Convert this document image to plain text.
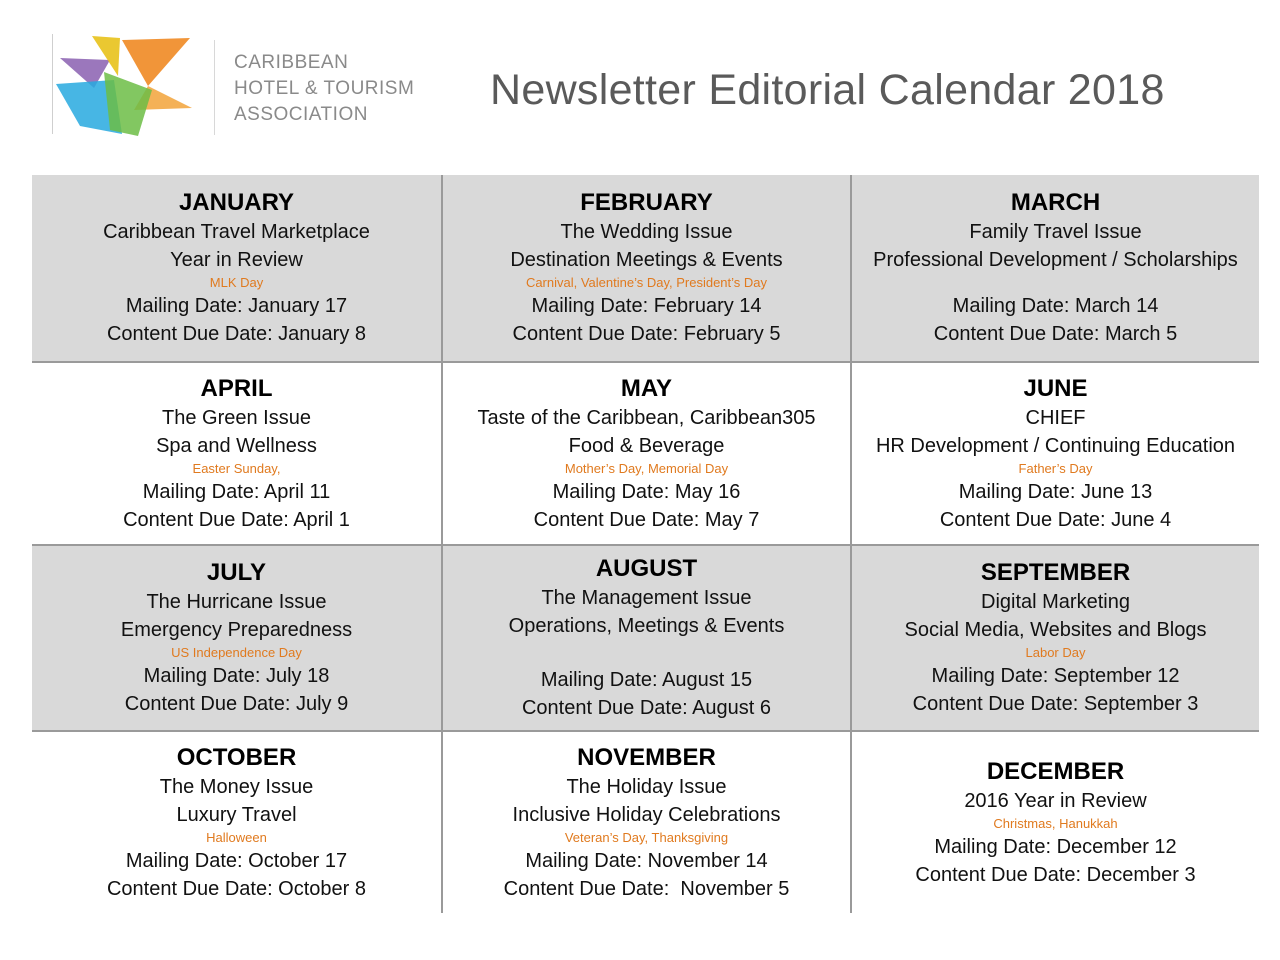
CARIBBEAN
HOTEL & TOURISM
ASSOCIATION
Newsletter Editorial Calendar 2018
JANUARY
Caribbean Travel Marketplace
Year in Review
MLK Day
Mailing Date: January 17
Content Due Date: January 8
FEBRUARY
The Wedding Issue
Destination Meetings & Events
Carnival, Valentine’s Day, President’s Day
Mailing Date: February 14
Content Due Date: February 5
MARCH
Family Travel Issue
Professional Development / Scholarships
Mailing Date: March 14
Content Due Date: March 5
APRIL
The Green Issue
Spa and Wellness
Easter Sunday,
Mailing Date: April 11
Content Due Date: April 1
MAY
Taste of the Caribbean, Caribbean305
Food & Beverage
Mother’s Day, Memorial Day
Mailing Date: May 16
Content Due Date: May 7
JUNE
CHIEF
HR Development / Continuing Education
Father’s Day
Mailing Date: June 13
Content Due Date: June 4
JULY
The Hurricane Issue
Emergency Preparedness
US Independence Day
Mailing Date: July 18
Content Due Date: July 9
AUGUST
The Management Issue
Operations, Meetings & Events
Mailing Date: August 15
Content Due Date: August 6
SEPTEMBER
Digital Marketing
Social Media, Websites and Blogs
Labor Day
Mailing Date: September 12
Content Due Date: September 3
OCTOBER
The Money Issue
Luxury Travel
Halloween
Mailing Date: October 17
Content Due Date: October 8
NOVEMBER
The Holiday Issue
Inclusive Holiday Celebrations
Veteran’s Day, Thanksgiving
Mailing Date: November 14
Content Due Date:  November 5
DECEMBER
2016 Year in Review
Christmas, Hanukkah
Mailing Date: December 12
Content Due Date: December 3
